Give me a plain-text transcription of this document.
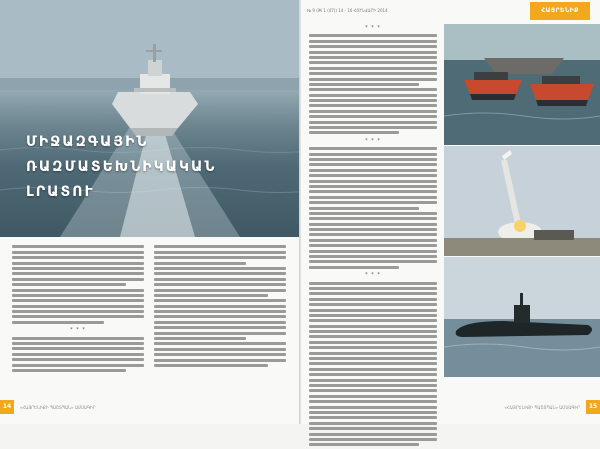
ՄԻՋԱԶԳԱՅԻՆ
ՌԱԶՄԱՏԵԽՆԻԿԱԿԱՆ
ԼՐԱՏՈՒ
* * *
14	«ՀԱՅՐԵՆԻՔԻ ՊԱՇՏՊԱՆ» ԱՄՍԱԳԻՐ
№ 9 (Ж 1 (47)) 14 - 16 ՀՈՒՆՎԱՐԻ 2014	ՀԱՅՐԵՆԻՔ
* * *
* * *
* * *
15
«ՀԱՅՐԵՆԻՔԻ ՊԱՇՏՊԱՆ» ԱՄՍԱԳԻՐ
